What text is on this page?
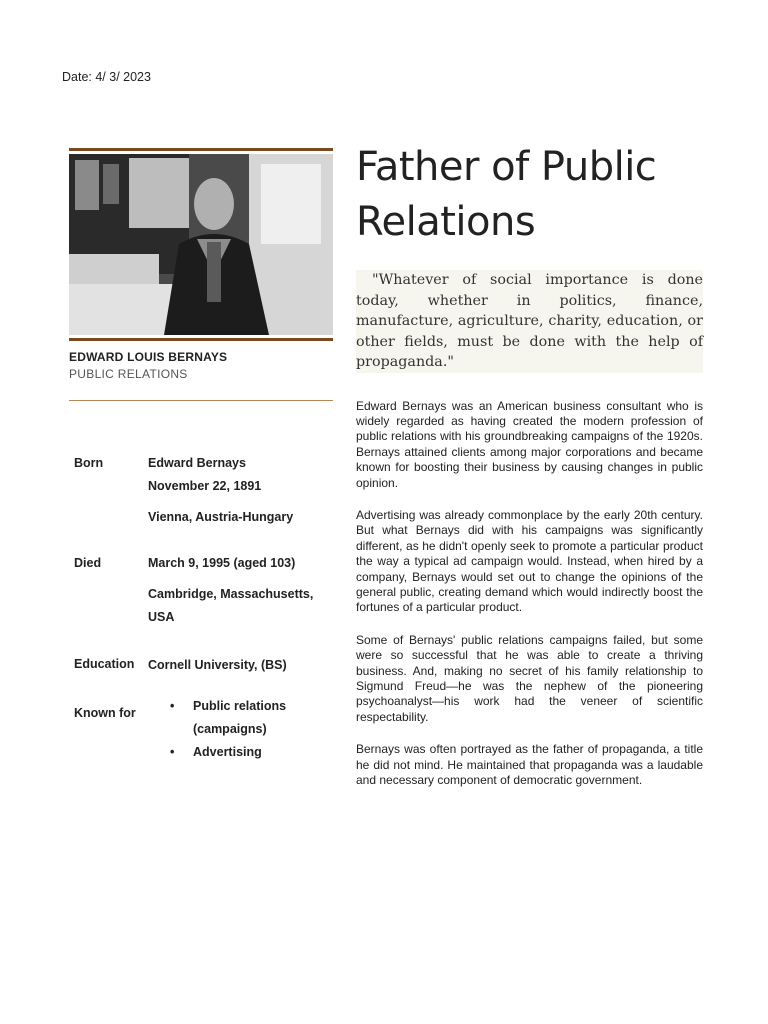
Date: 4/ 3/ 2023
EDWARD LOUIS BERNAYS
PUBLIC RELATIONS
Born	Edward Bernays

November 22, 1891

Vienna, Austria-Hungary

Died	March 9, 1995 (aged 103)

Cambridge, Massachusetts, USA

Education Cornell University, (BS)
Known for
•	Public relations (campaigns)
• Advertising
Father of Public Relations
"Whatever of social importance is done today, whether in politics, finance, manufacture, agriculture, charity, education, or other fields, must be done with the help of propaganda."

Edward Bernays was an American business consultant who is widely regarded as having created the modern profession of public relations with his groundbreaking campaigns of the 1920s. Bernays attained clients among major corporations and became known for boosting their business by causing changes in public opinion.

Advertising was already commonplace by the early 20th century. But what Bernays did with his campaigns was significantly different, as he didn't openly seek to promote a particular product the way a typical ad campaign would. Instead, when hired by a company, Bernays would set out to change the opinions of the general public, creating demand which would indirectly boost the fortunes of a particular product.

Some of Bernays' public relations campaigns failed, but some were so successful that he was able to create a thriving business. And, making no secret of his family relationship to Sigmund Freud—he was the nephew of the pioneering psychoanalyst—his work had the veneer of scientific respectability.

Bernays was often portrayed as the father of propaganda, a title he did not mind. He maintained that propaganda was a laudable and necessary component of democratic government.
